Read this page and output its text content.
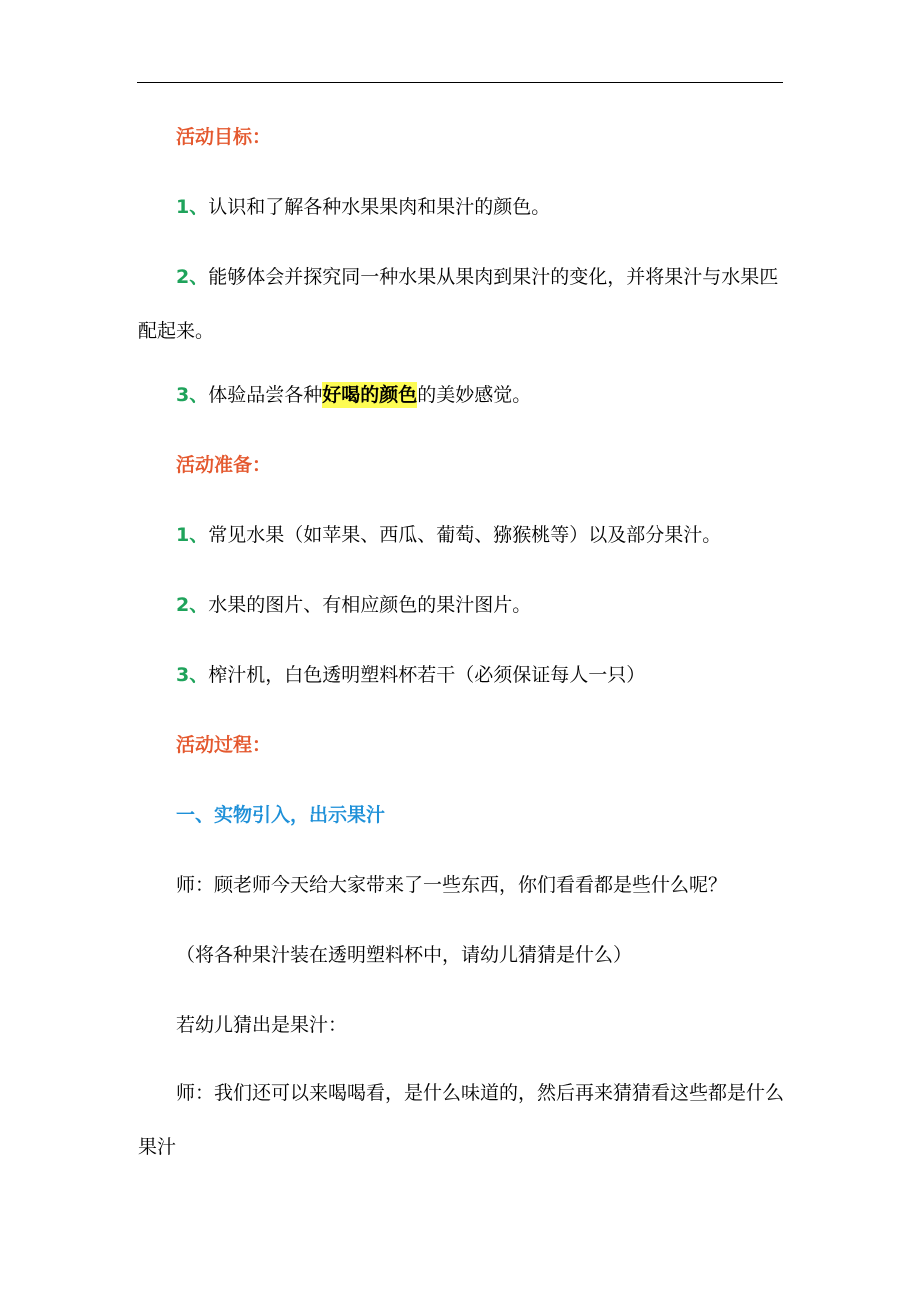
活动目标：
1、认识和了解各种水果果肉和果汁的颜色。
2、能够体会并探究同一种水果从果肉到果汁的变化，并将果汁与水果匹配起来。
3、体验品尝各种好喝的颜色的美妙感觉。
活动准备：
1、常见水果（如苹果、西瓜、葡萄、猕猴桃等）以及部分果汁。
2、水果的图片、有相应颜色的果汁图片。
3、榨汁机，白色透明塑料杯若干（必须保证每人一只）
活动过程：
一、实物引入，出示果汁
师：顾老师今天给大家带来了一些东西，你们看看都是些什么呢？
（将各种果汁装在透明塑料杯中，请幼儿猜猜是什么）
若幼儿猜出是果汁：
师：我们还可以来喝喝看，是什么味道的，然后再来猜猜看这些都是什么果汁
